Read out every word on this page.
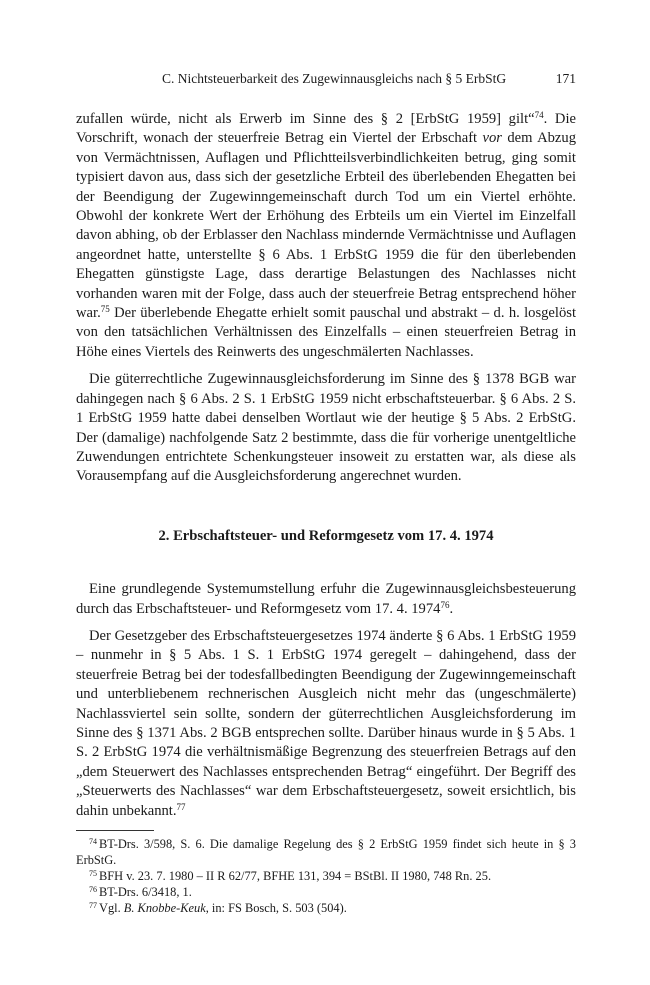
C. Nichtsteuerbarkeit des Zugewinnausgleichs nach § 5 ErbStG	171

zufallen würde, nicht als Erwerb im Sinne des § 2 [ErbStG 1959] gilt“$^{74}$. Die Vorschrift, wonach der steuerfreie Betrag ein Viertel der Erbschaft vor dem Abzug von Vermächtnissen, Auflagen und Pflichtteilsverbindlichkeiten betrug, ging somit typisiert davon aus, dass sich der gesetzliche Erbteil des überlebenden Ehegatten bei der Beendigung der Zugewinngemeinschaft durch Tod um ein Viertel erhöhte. Obwohl der konkrete Wert der Erhöhung des Erbteils um ein Viertel im Einzelfall davon abhing, ob der Erblasser den Nachlass mindernde Vermächtnisse und Auflagen angeordnet hatte, unterstellte § 6 Abs. 1 ErbStG 1959 die für den überlebenden Ehegatten günstigste Lage, dass derartige Belastungen des Nachlasses nicht vorhanden waren mit der Folge, dass auch der steuerfreie Betrag entsprechend höher war.$^{75}$ Der überlebende Ehegatte erhielt somit pauschal und abstrakt – d. h. losgelöst von den tatsächlichen Verhältnissen des Einzelfalls – einen steuerfreien Betrag in Höhe eines Viertels des Reinwerts des ungeschmälerten Nachlasses.

Die güterrechtliche Zugewinnausgleichsforderung im Sinne des § 1378 BGB war dahingegen nach § 6 Abs. 2 S. 1 ErbStG 1959 nicht erbschaftsteuerbar. § 6 Abs. 2 S. 1 ErbStG 1959 hatte dabei denselben Wortlaut wie der heutige § 5 Abs. 2 ErbStG. Der (damalige) nachfolgende Satz 2 bestimmte, dass die für vorherige unentgeltliche Zuwendungen entrichtete Schenkungsteuer insoweit zu erstatten war, als diese als Vorausempfang auf die Ausgleichsforderung angerechnet wurden.

2. Erbschaftsteuer- und Reformgesetz vom 17. 4. 1974

Eine grundlegende Systemumstellung erfuhr die Zugewinnausgleichsbesteuerung durch das Erbschaftsteuer- und Reformgesetz vom 17. 4. 1974$^{76}$.

Der Gesetzgeber des Erbschaftsteuergesetzes 1974 änderte § 6 Abs. 1 ErbStG 1959 – nunmehr in § 5 Abs. 1 S. 1 ErbStG 1974 geregelt – dahingehend, dass der steuerfreie Betrag bei der todesfallbedingten Beendigung der Zugewinngemeinschaft und unterbliebenem rechnerischen Ausgleich nicht mehr das (ungeschmälerte) Nachlassviertel sein sollte, sondern der güterrechtlichen Ausgleichsforderung im Sinne des § 1371 Abs. 2 BGB entsprechen sollte. Darüber hinaus wurde in § 5 Abs. 1 S. 2 ErbStG 1974 die verhältnismäßige Begrenzung des steuerfreien Betrags auf den „dem Steuerwert des Nachlasses entsprechenden Betrag“ eingeführt. Der Begriff des „Steuerwerts des Nachlasses“ war dem Erbschaftsteuergesetz, soweit ersichtlich, bis dahin unbekannt.$^{77}$

$^{74}$ BT-Drs. 3/598, S. 6. Die damalige Regelung des § 2 ErbStG 1959 findet sich heute in § 3 ErbStG.

$^{75}$ BFH v. 23. 7. 1980 – II R 62/77, BFHE 131, 394 = BStBl. II 1980, 748 Rn. 25.

$^{76}$ BT-Drs. 6/3418, 1.

$^{77}$ Vgl. B. Knobbe-Keuk, in: FS Bosch, S. 503 (504).
